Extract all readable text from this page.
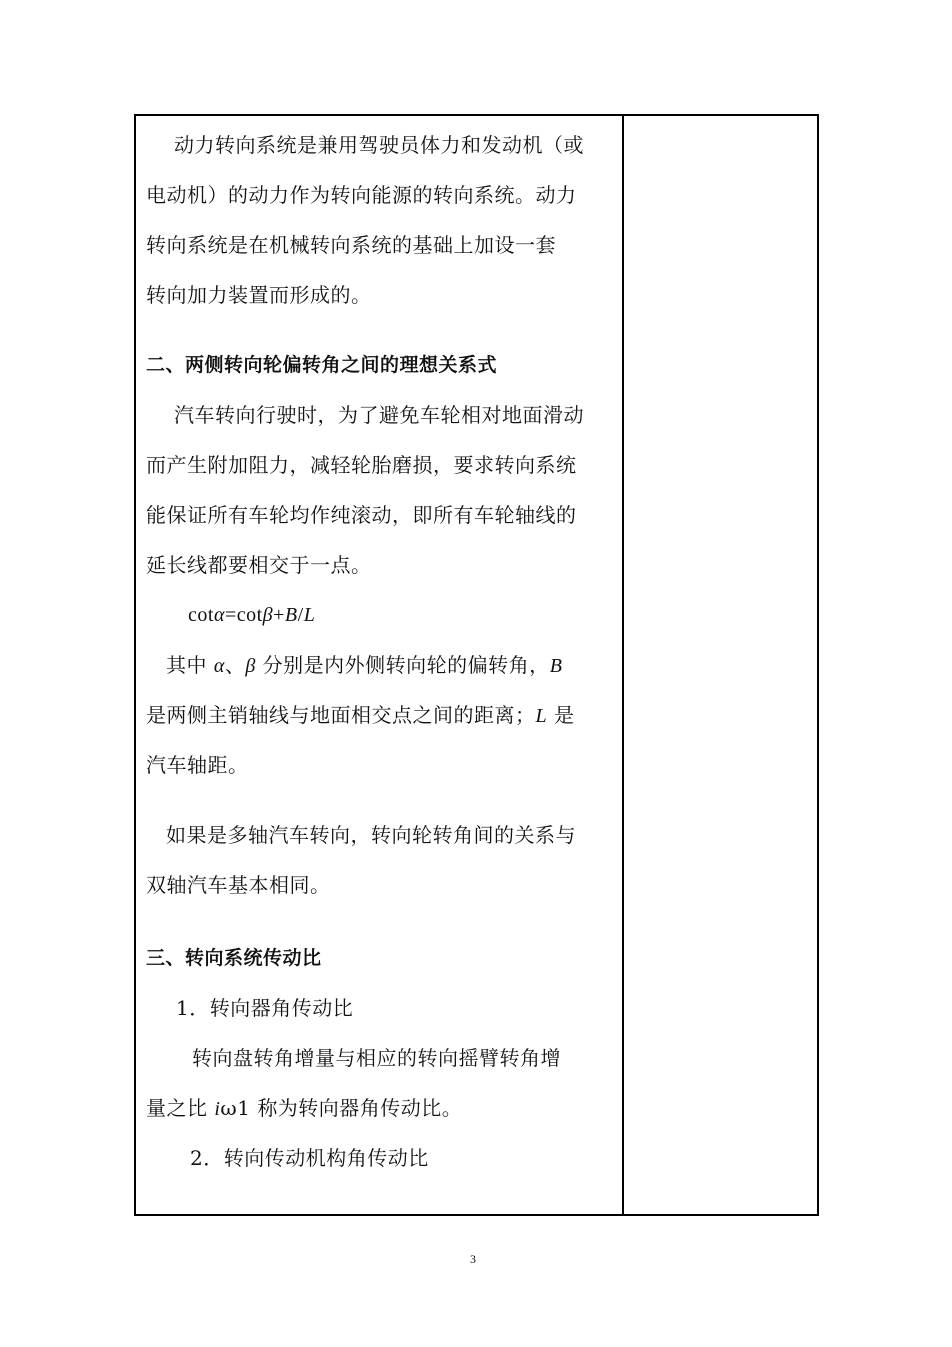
动力转向系统是兼用驾驶员体力和发动机（或
电动机）的动力作为转向能源的转向系统。动力
转向系统是在机械转向系统的基础上加设一套
转向加力装置而形成的。
二、两侧转向轮偏转角之间的理想关系式
汽车转向行驶时，为了避免车轮相对地面滑动
而产生附加阻力，减轻轮胎磨损，要求转向系统
能保证所有车轮均作纯滚动，即所有车轮轴线的
延长线都要相交于一点。
cotα=cotβ+B/L
其中 α、β 分别是内外侧转向轮的偏转角，B
是两侧主销轴线与地面相交点之间的距离；L 是
汽车轴距。
如果是多轴汽车转向，转向轮转角间的关系与
双轴汽车基本相同。
三、转向系统传动比
1．转向器角传动比
转向盘转角增量与相应的转向摇臂转角增
量之比 iω1 称为转向器角传动比。
2．转向传动机构角传动比
3
